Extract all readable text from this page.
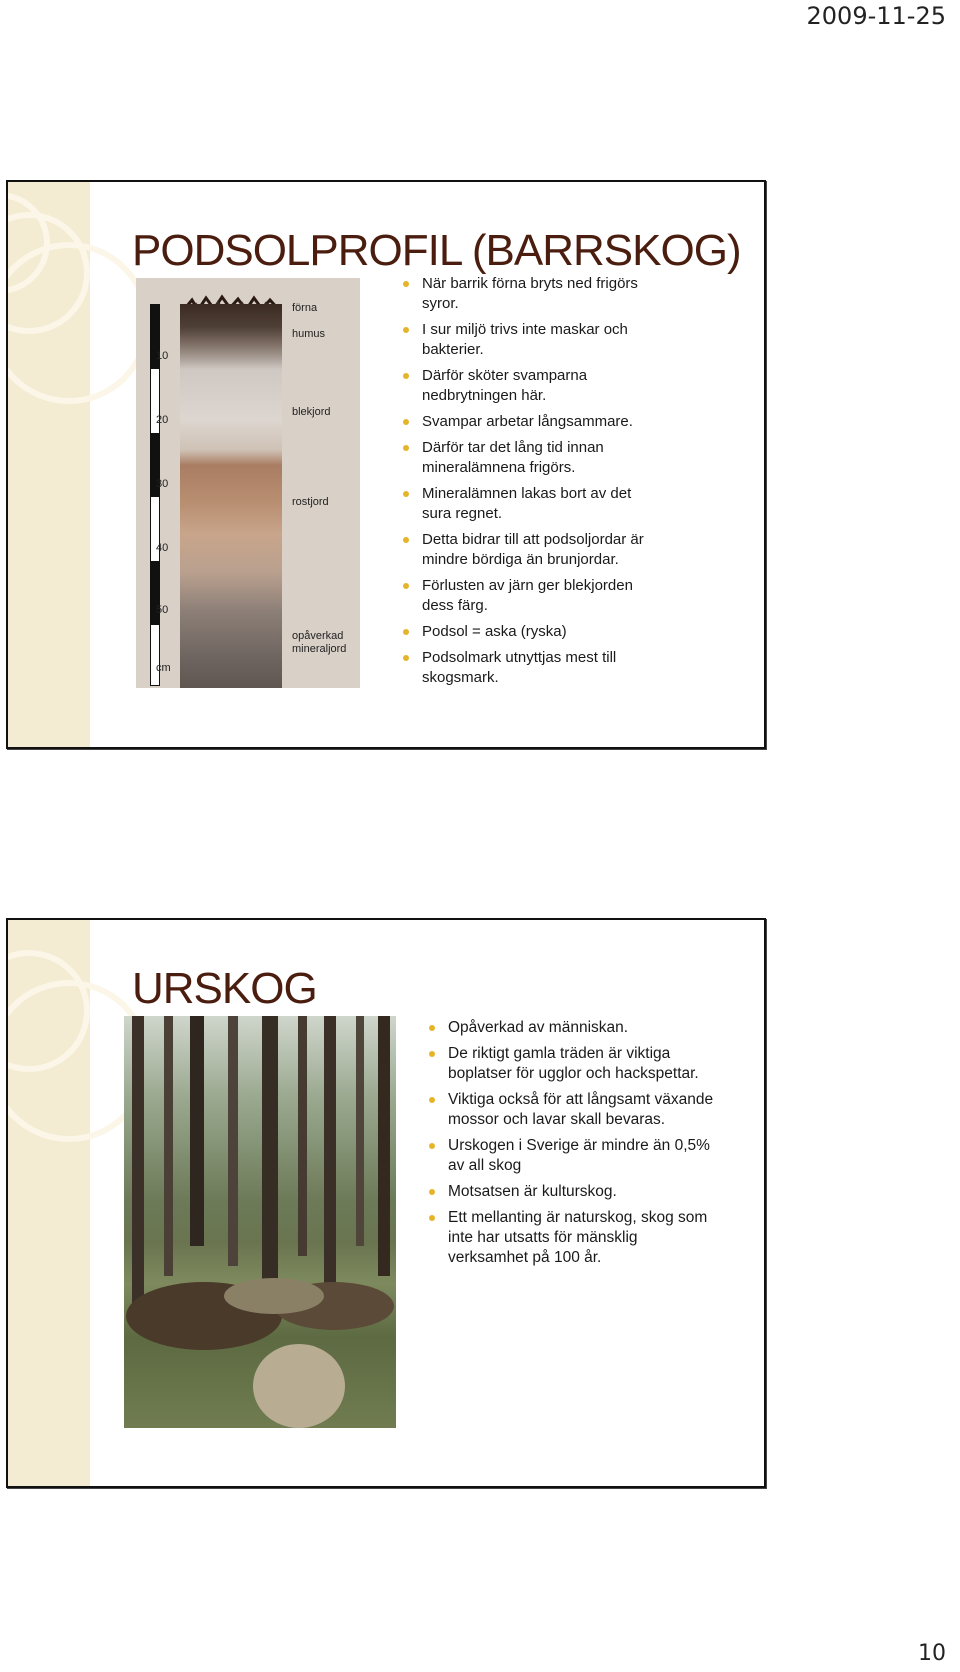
2009-11-25
PODSOLPROFIL (BARRSKOG)
10
20
30
40
50
cm
förna
humus
blekjord
rostjord
opåverkad
mineraljord
När barrik förna bryts ned frigörs syror.
I sur miljö trivs inte maskar och bakterier.
Därför sköter svamparna nedbrytningen här.
Svampar arbetar långsammare.
Därför tar det lång tid innan mineralämnena frigörs.
Mineralämnen lakas bort av det sura regnet.
Detta bidrar till att podsoljordar är mindre bördiga än brunjordar.
Förlusten av järn ger blekjorden dess färg.
Podsol = aska (ryska)
Podsolmark utnyttjas mest till skogsmark.
URSKOG
Opåverkad av människan.
De riktigt gamla träden är viktiga boplatser för ugglor och hackspettar.
Viktiga också för att långsamt växande mossor och lavar skall bevaras.
Urskogen i Sverige är mindre än 0,5% av all skog
Motsatsen är kulturskog.
Ett mellanting är naturskog, skog som inte har utsatts för mänsklig verksamhet på 100 år.
10
